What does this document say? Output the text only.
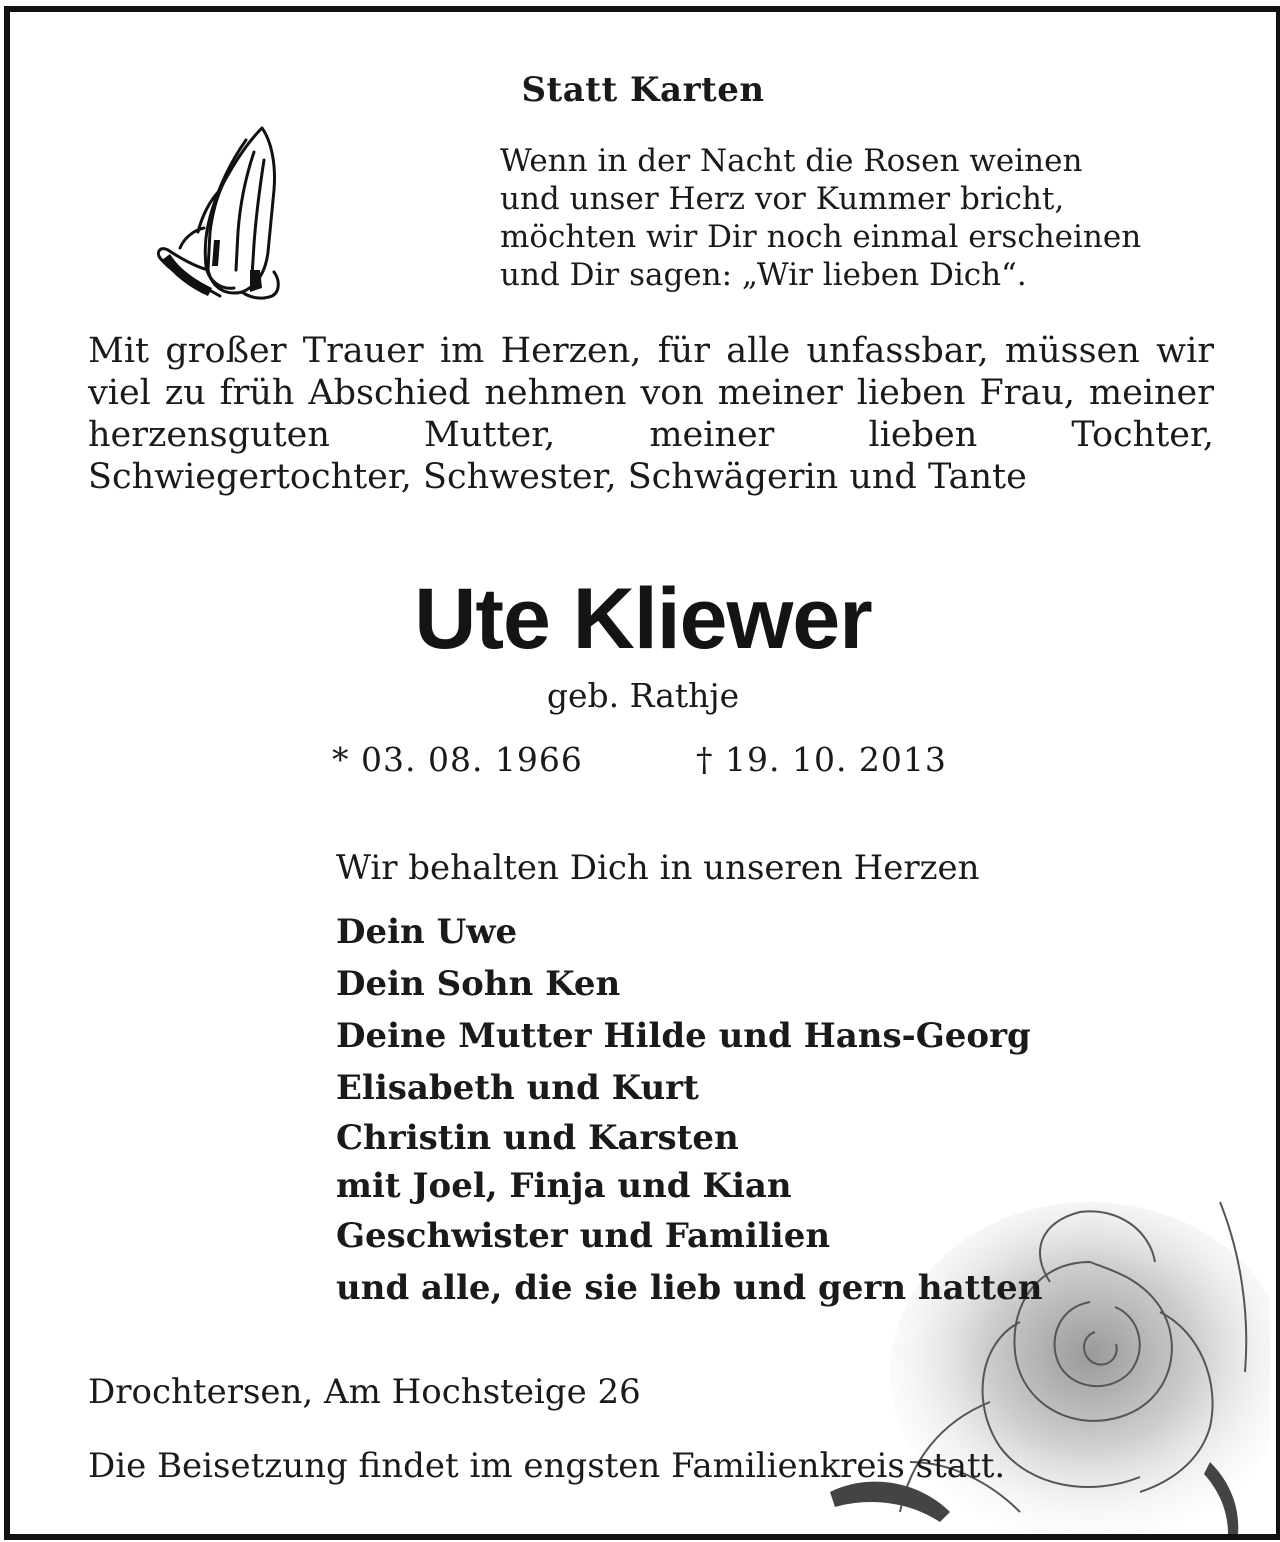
Statt Karten
Wenn in der Nacht die Rosen weinen
und unser Herz vor Kummer bricht,
möchten wir Dir noch einmal erscheinen
und Dir sagen: „Wir lieben Dich“.
Mit großer Trauer im Herzen, für alle unfassbar, müssen wir viel zu früh Abschied nehmen von meiner lieben Frau, meiner herzensguten Mutter, meiner lieben Tochter, Schwiegertochter, Schwester, Schwägerin und Tante
Ute Kliewer
geb. Rathje
* 03. 08. 1966	† 19. 10. 2013
Wir behalten Dich in unseren Herzen
Dein Uwe
Dein Sohn Ken
Deine Mutter Hilde und Hans-Georg
Elisabeth und Kurt
Christin und Karsten
mit Joel, Finja und Kian
Geschwister und Familien
und alle, die sie lieb und gern hatten
Drochtersen, Am Hochsteige 26
Die Beisetzung findet im engsten Familienkreis statt.
